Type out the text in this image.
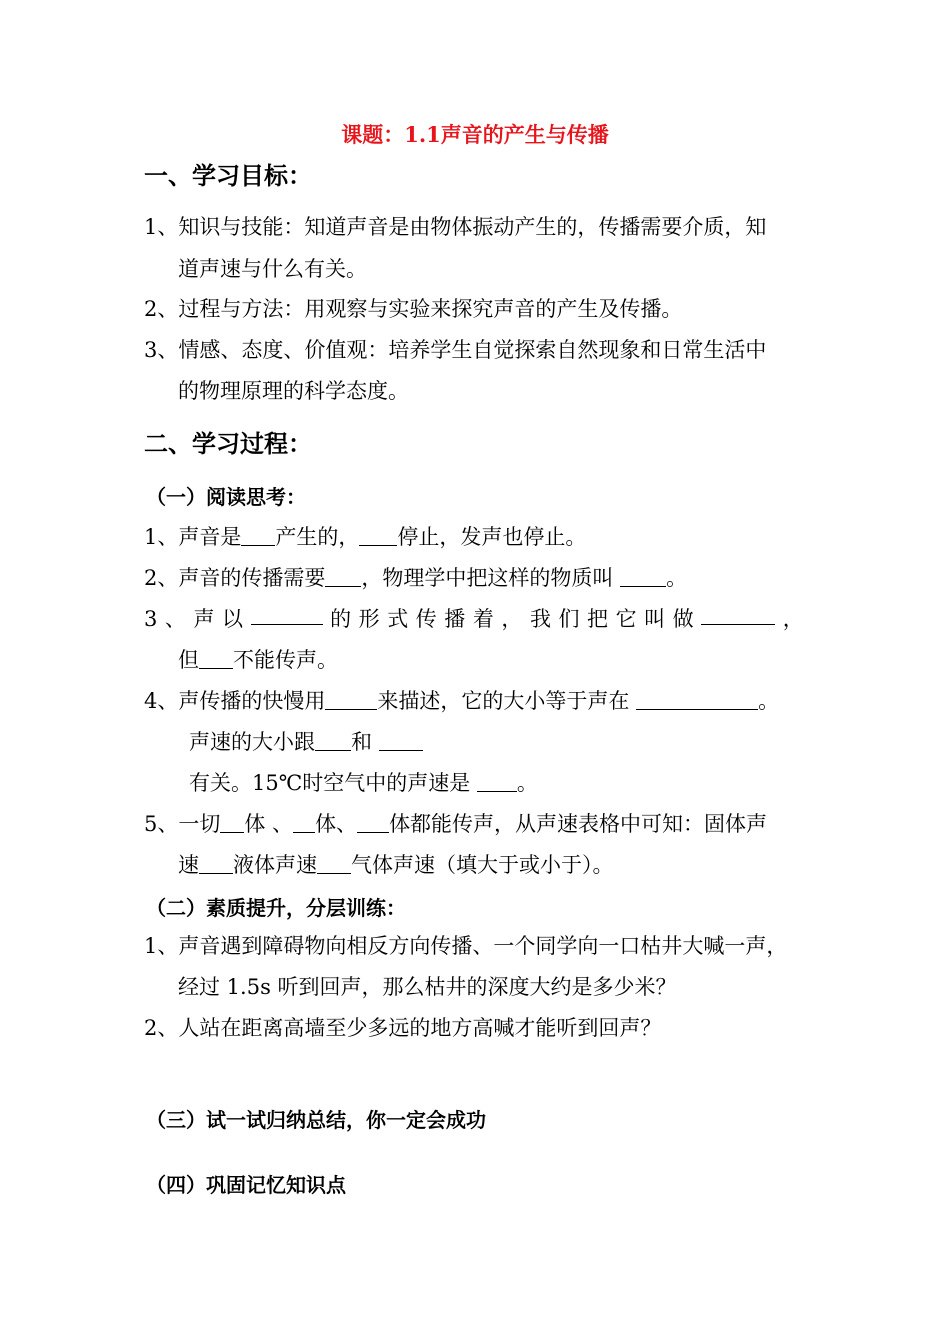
课题：1.1声音的产生与传播
一、学习目标：
1、知识与技能：知道声音是由物体振动产生的，传播需要介质，知
道声速与什么有关。
2、过程与方法：用观察与实验来探究声音的产生及传播。
3、情感、态度、价值观：培养学生自觉探索自然现象和日常生活中
的物理原理的科学态度。
二、学习过程：
（一）阅读思考：
1、声音是 产生的， 停止，发声也停止。
2、声音的传播需要 ，物理学中把这样的物质叫	。
3 、 声 以	的 形 式 传 播 着 ， 我 们 把 它 叫 做	，
但 不能传声。
4、声传播的快慢用 来描述，它的大小等于声在	。
声速的大小跟 和
有关。15℃时空气中的声速是 。
5、一切 体 、 体、 体都能传声，从声速表格中可知：固体声
速 液体声速 气体声速（填大于或小于）。
（二）素质提升，分层训练：
1、声音遇到障碍物向相反方向传播、一个同学向一口枯井大喊一声，
经过 1.5s 听到回声，那么枯井的深度大约是多少米？
2、人站在距离高墙至少多远的地方高喊才能听到回声？
（三）试一试归纳总结，你一定会成功
（四）巩固记忆知识点
